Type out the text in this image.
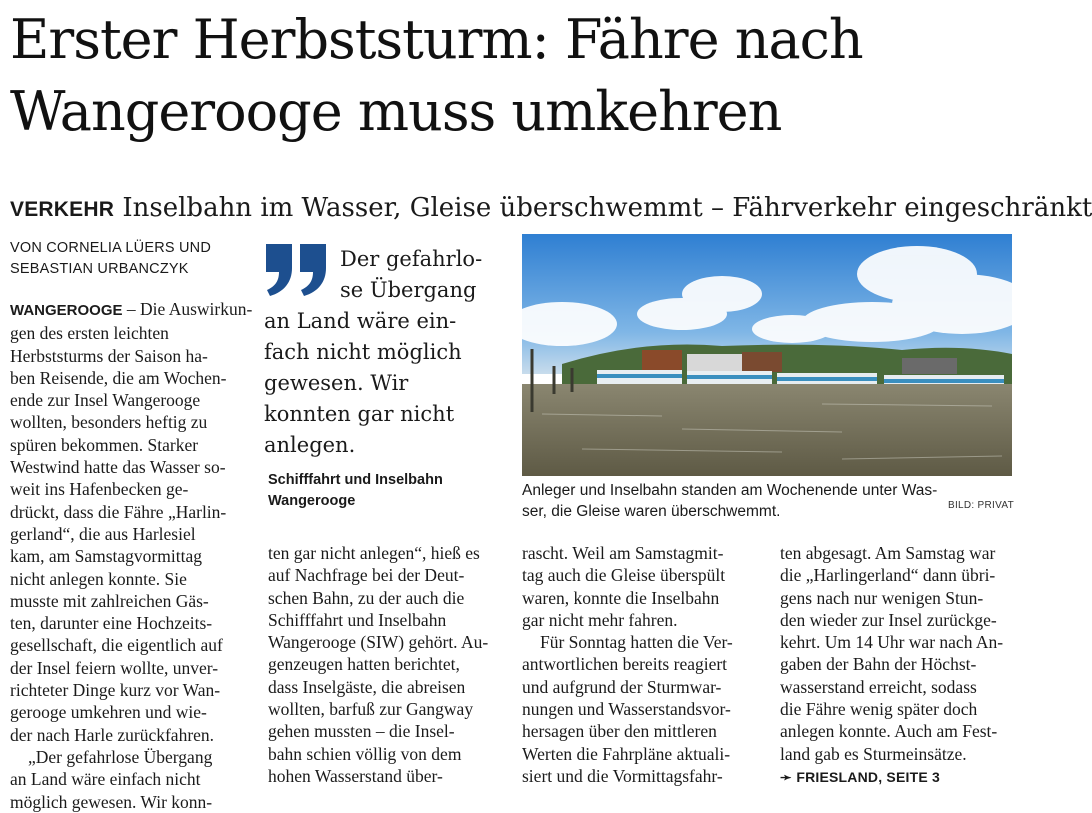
Erster Herbststurm: Fähre nach
Wangerooge muss umkehren
VERKEHR Inselbahn im Wasser, Gleise überschwemmt – Fährverkehr eingeschränkt
VON CORNELIA LÜERS UND
SEBASTIAN URBANCZYK
WANGEROOGE – Die Auswirkun-
gen des ersten leichten
Herbststurms der Saison ha-
ben Reisende, die am Wochen-
ende zur Insel Wangerooge
wollten, besonders heftig zu
spüren bekommen. Starker
Westwind hatte das Wasser so-
weit ins Hafenbecken ge-
drückt, dass die Fähre „Harlin-
gerland“, die aus Harlesiel
kam, am Samstagvormittag
nicht anlegen konnte. Sie
musste mit zahlreichen Gäs-
ten, darunter eine Hochzeits-
gesellschaft, die eigentlich auf
der Insel feiern wollte, unver-
richteter Dinge kurz vor Wan-
gerooge umkehren und wie-
der nach Harle zurückfahren.
„Der gefahrlose Übergang
an Land wäre einfach nicht
möglich gewesen. Wir konn-
Der gefahrlo-
se Übergang
an Land wäre ein-
fach nicht möglich
gewesen. Wir
konnten gar nicht
anlegen.
Schifffahrt und Inselbahn
Wangerooge
ten gar nicht anlegen“, hieß es
auf Nachfrage bei der Deut-
schen Bahn, zu der auch die
Schifffahrt und Inselbahn
Wangerooge (SIW) gehört. Au-
genzeugen hatten berichtet,
dass Inselgäste, die abreisen
wollten, barfuß zur Gangway
gehen mussten – die Insel-
bahn schien völlig von dem
hohen Wasserstand über-
Anleger und Inselbahn standen am Wochenende unter Was-
ser, die Gleise waren überschwemmt.	BILD: PRIVAT
rascht. Weil am Samstagmit-
tag auch die Gleise überspült
waren, konnte die Inselbahn
gar nicht mehr fahren.
Für Sonntag hatten die Ver-
antwortlichen bereits reagiert
und aufgrund der Sturmwar-
nungen und Wasserstandsvor-
hersagen über den mittleren
Werten die Fahrpläne aktuali-
siert und die Vormittagsfahr-
ten abgesagt. Am Samstag war
die „Harlingerland“ dann übri-
gens nach nur wenigen Stun-
den wieder zur Insel zurückge-
kehrt. Um 14 Uhr war nach An-
gaben der Bahn der Höchst-
wasserstand erreicht, sodass
die Fähre wenig später doch
anlegen konnte. Auch am Fest-
land gab es Sturmeinsätze.
➛ FRIESLAND, SEITE 3
